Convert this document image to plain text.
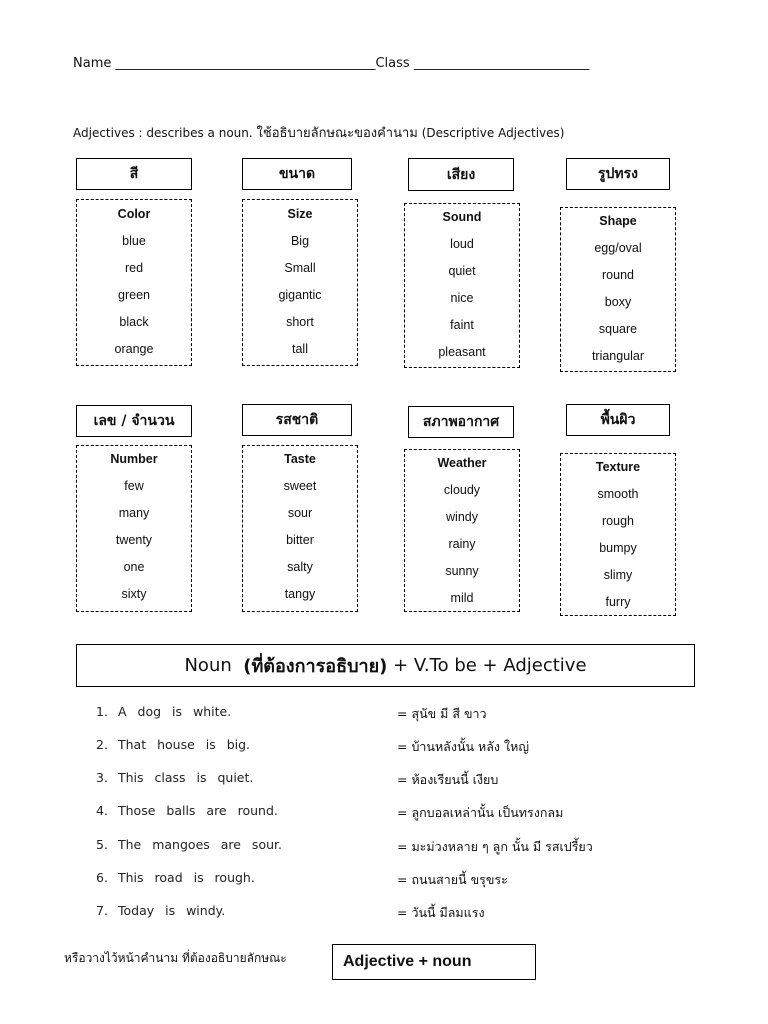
Name ________________________________________Class ___________________________
Adjectives : describes a noun. ใช้อธิบายลักษณะของคำนาม (Descriptive Adjectives)
สี	ขนาด	เสียง	รูปทรง
Color
blue
red
green
black
orange
Size
Big
Small
gigantic
short
tall
Sound
loud
quiet
nice
faint
pleasant
Shape
egg/oval
round
boxy
square
triangular
เลข / จำนวน	รสชาติ	สภาพอากาศ	พื้นผิว
Number
few
many
twenty
one
sixty
Taste
sweet
sour
bitter
salty
tangy
Weather
cloudy
windy
rainy
sunny
mild
Texture
smooth
rough
bumpy
slimy
furry
Noun
(ที่ต้องการอธิบาย)
+ V.To be + Adjective
1. A dog is white.	= สุนัข มี สี ขาว
2. That house is big.	= บ้านหลังนั้น หลัง ใหญ่
3. This class is quiet.	= ห้องเรียนนี้ เงียบ
4. Those balls are round.	= ลูกบอลเหล่านั้น เป็นทรงกลม
5. The mangoes are sour.	= มะม่วงหลาย ๆ ลูก นั้น มี รสเปรี้ยว
6. This road is rough.	= ถนนสายนี้ ขรุขระ
7. Today is windy.	= วันนี้ มีลมแรง
หรือวางไว้หน้าคำนาม ที่ต้องอธิบายลักษณะ	Adjective + noun
